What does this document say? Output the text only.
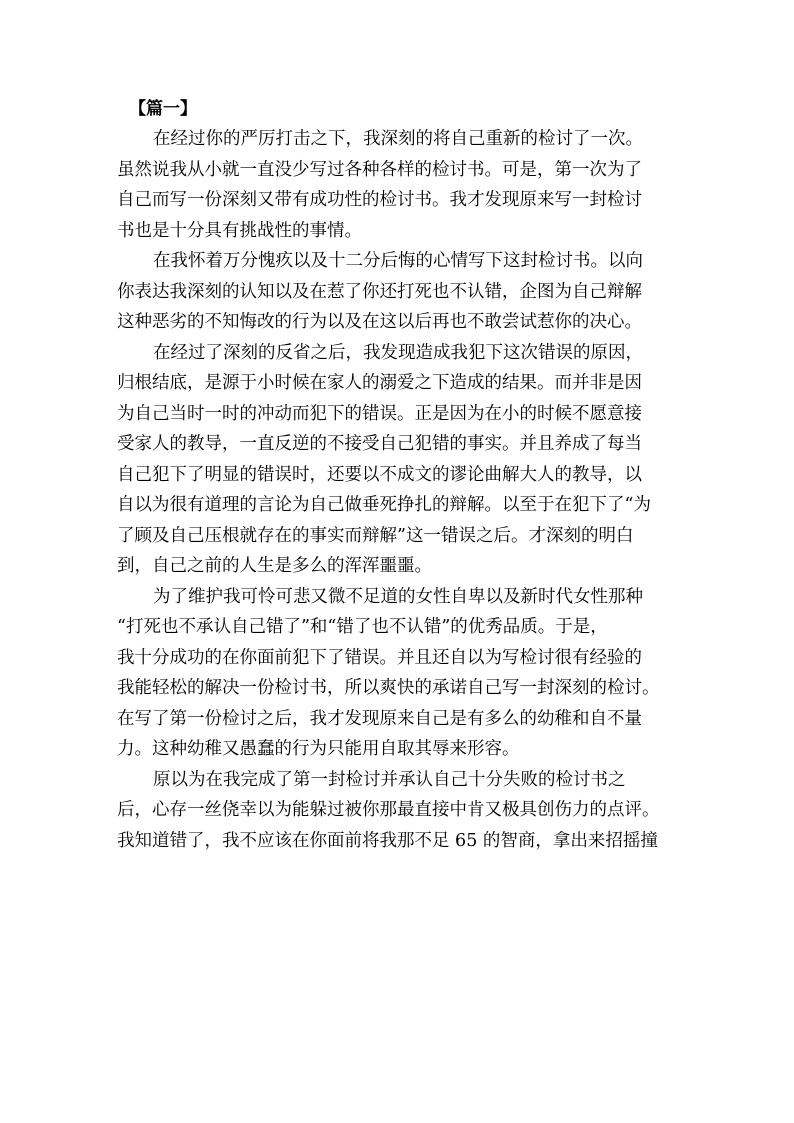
【篇一】
在经过你的严厉打击之下，我深刻的将自己重新的检讨了一次。
虽然说我从小就一直没少写过各种各样的检讨书。可是，第一次为了
自己而写一份深刻又带有成功性的检讨书。我才发现原来写一封检讨
书也是十分具有挑战性的事情。
在我怀着万分愧疚以及十二分后悔的心情写下这封检讨书。以向
你表达我深刻的认知以及在惹了你还打死也不认错，企图为自己辩解
这种恶劣的不知悔改的行为以及在这以后再也不敢尝试惹你的决心。
在经过了深刻的反省之后，我发现造成我犯下这次错误的原因，
归根结底，是源于小时候在家人的溺爱之下造成的结果。而并非是因
为自己当时一时的冲动而犯下的错误。正是因为在小的时候不愿意接
受家人的教导，一直反逆的不接受自己犯错的事实。并且养成了每当
自己犯下了明显的错误时，还要以不成文的谬论曲解大人的教导，以
自以为很有道理的言论为自己做垂死挣扎的辩解。以至于在犯下了“为
了顾及自己压根就存在的事实而辩解”这一错误之后。才深刻的明白
到，自己之前的人生是多么的浑浑噩噩。
为了维护我可怜可悲又微不足道的女性自卑以及新时代女性那种
“打死也不承认自己错了”和“错了也不认错”的优秀品质。于是，
我十分成功的在你面前犯下了错误。并且还自以为写检讨很有经验的
我能轻松的解决一份检讨书，所以爽快的承诺自己写一封深刻的检讨。
在写了第一份检讨之后，我才发现原来自己是有多么的幼稚和自不量
力。这种幼稚又愚蠢的行为只能用自取其辱来形容。
原以为在我完成了第一封检讨并承认自己十分失败的检讨书之
后，心存一丝侥幸以为能躲过被你那最直接中肯又极具创伤力的点评。
我知道错了，我不应该在你面前将我那不足 65 的智商，拿出来招摇撞
